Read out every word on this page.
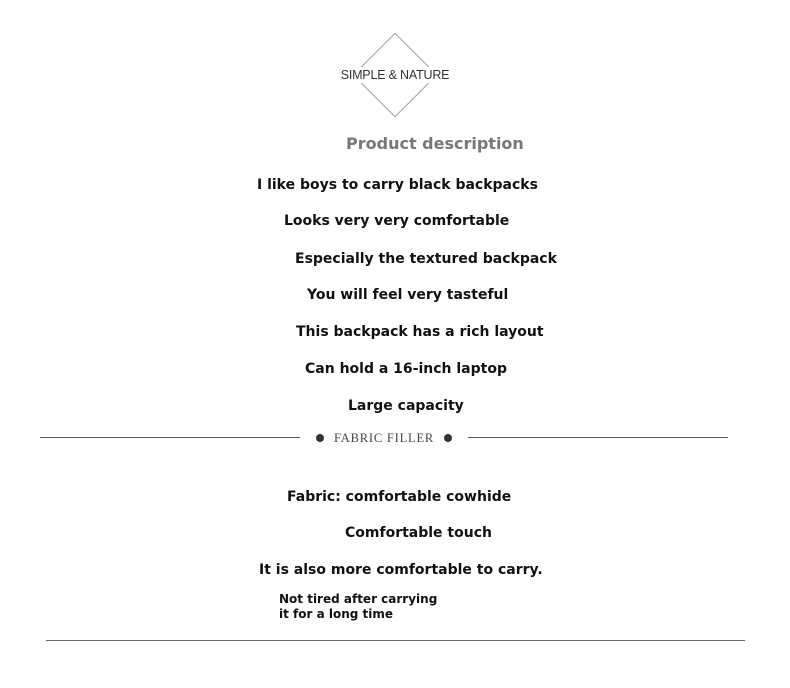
SIMPLE & NATURE
Product description
I like boys to carry black backpacks
Looks very very comfortable
Especially the textured backpack
You will feel very tasteful
This backpack has a rich layout
Can hold a 16-inch laptop
Large capacity
FABRIC FILLER
Fabric: comfortable cowhide
Comfortable touch
It is also more comfortable to carry.
Not tired after carrying
it for a long time
